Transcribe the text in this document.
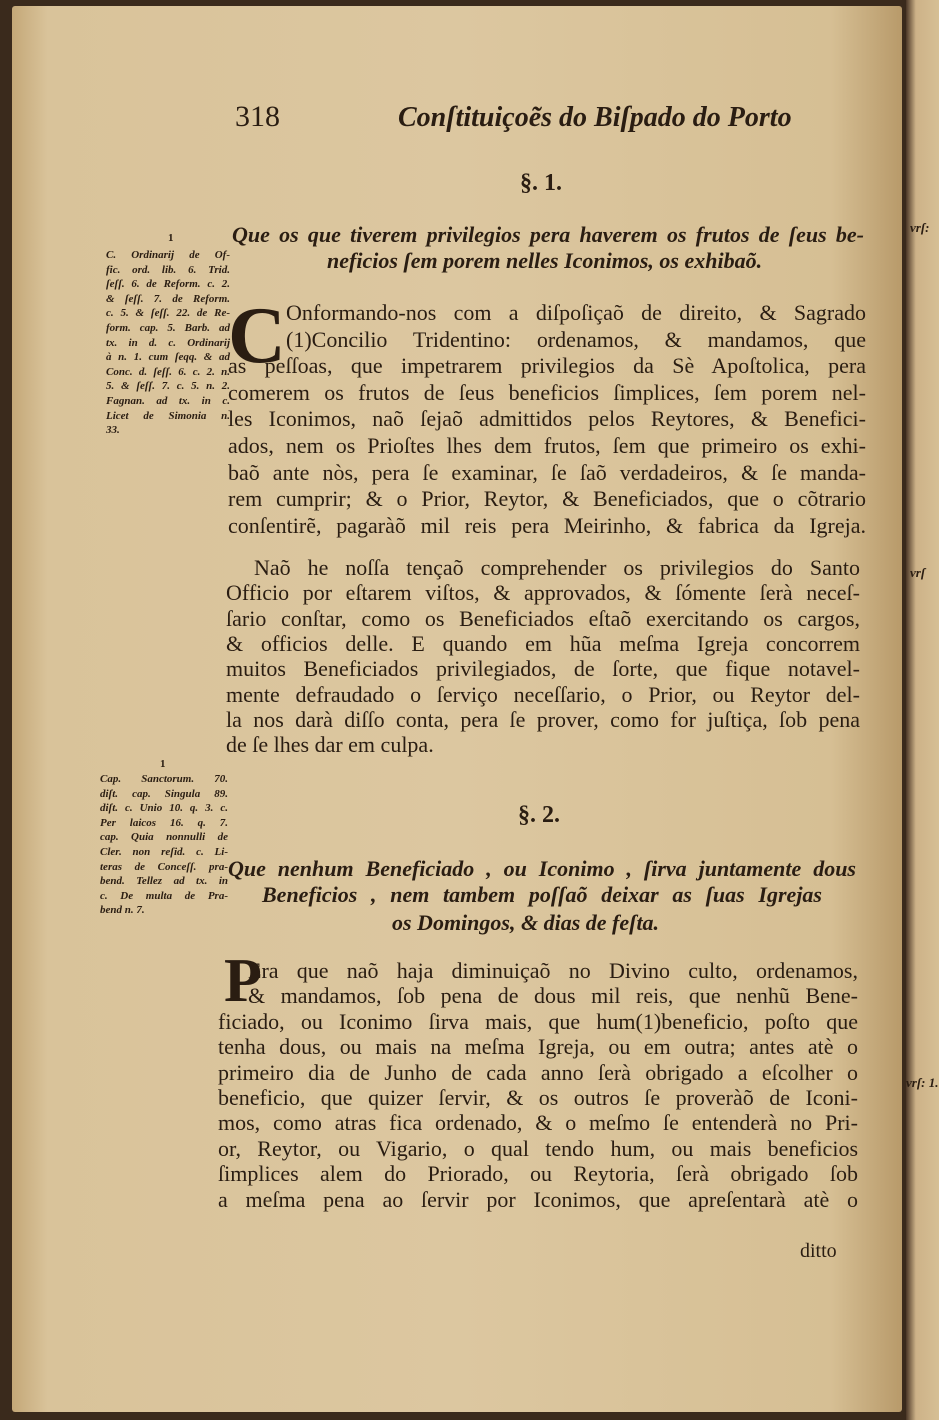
318	Conſtituiçoẽs do Biſpado do Porto
§. 1.
Que os que tiverem privilegios pera haverem os frutos de ſeus be-
neficios ſem porem nelles Iconimos, os exhibaõ.
1
C. Ordinarij de Of-
fic. ord. lib. 6. Trid.
ſeſſ. 6. de Reform. c. 2.
& ſeſſ. 7. de Reform.
c. 5. & ſeſſ. 22. de Re-
form. cap. 5. Barb. ad
tx. in d. c. Ordinarij
à n. 1. cum ſeqq. & ad
Conc. d. ſeſſ. 6. c. 2. n.
5. & ſeſſ. 7. c. 5. n. 2.
Fagnan. ad tx. in c.
Licet de Simonia n.
33.
C Onformando-nos com a diſpoſiçaõ de direito, & Sagrado
(1)Concilio Tridentino: ordenamos, & mandamos, que
as peſſoas, que impetrarem privilegios da Sè Apoſtolica, pera
comerem os frutos de ſeus beneficios ſimplices, ſem porem nel-
les Iconimos, naõ ſejaõ admittidos pelos Reytores, & Benefici-
ados, nem os Prioſtes lhes dem frutos, ſem que primeiro os exhi-
baõ ante nòs, pera ſe examinar, ſe ſaõ verdadeiros, & ſe manda-
rem cumprir; & o Prior, Reytor, & Beneficiados, que o cõtrario
conſentirẽ, pagaràõ mil reis pera Meirinho, & fabrica da Igreja.
Naõ he noſſa tençaõ comprehender os privilegios do Santo
Officio por eſtarem viſtos, & approvados, & ſómente ſerà neceſ-
ſario conſtar, como os Beneficiados eſtaõ exercitando os cargos,
& officios delle. E quando em hũa meſma Igreja concorrem
muitos Beneficiados privilegiados, de ſorte, que fique notavel-
mente defraudado o ſerviço neceſſario, o Prior, ou Reytor del-
la nos darà diſſo conta, pera ſe prover, como for juſtiça, ſob pena
de ſe lhes dar em culpa.
§. 2.
Que nenhum Beneficiado , ou Iconimo , ſirva juntamente dous
Beneficios , nem tambem poſſaõ deixar as ſuas Igrejas
os Domingos, & dias de feſta.
1
Cap. Sanctorum. 70.
diſt. cap. Singula 89.
diſt. c. Unio 10. q. 3. c.
Per laicos 16. q. 7.
cap. Quia nonnulli de
Cler. non reſid. c. Li-
teras de Conceſſ. pra-
bend. Tellez ad tx. in
c. De multa de Pra-
bend n. 7.
P
Era que naõ haja diminuiçaõ no Divino culto, ordenamos,
& mandamos, ſob pena de dous mil reis, que nenhũ Bene-
ficiado, ou Iconimo ſirva mais, que hum(1)beneficio, poſto que
tenha dous, ou mais na meſma Igreja, ou em outra; antes atè o
primeiro dia de Junho de cada anno ſerà obrigado a eſcolher o
beneficio, que quizer ſervir, & os outros ſe proveràõ de Iconi-
mos, como atras fica ordenado, & o meſmo ſe entenderà no Pri-
or, Reytor, ou Vigario, o qual tendo hum, ou mais beneficios
ſimplices alem do Priorado, ou Reytoria, ſerà obrigado ſob
a meſma pena ao ſervir por Iconimos, que apreſentarà atè o
ditto
vrſ:
vrſ
vrſ: 1.
